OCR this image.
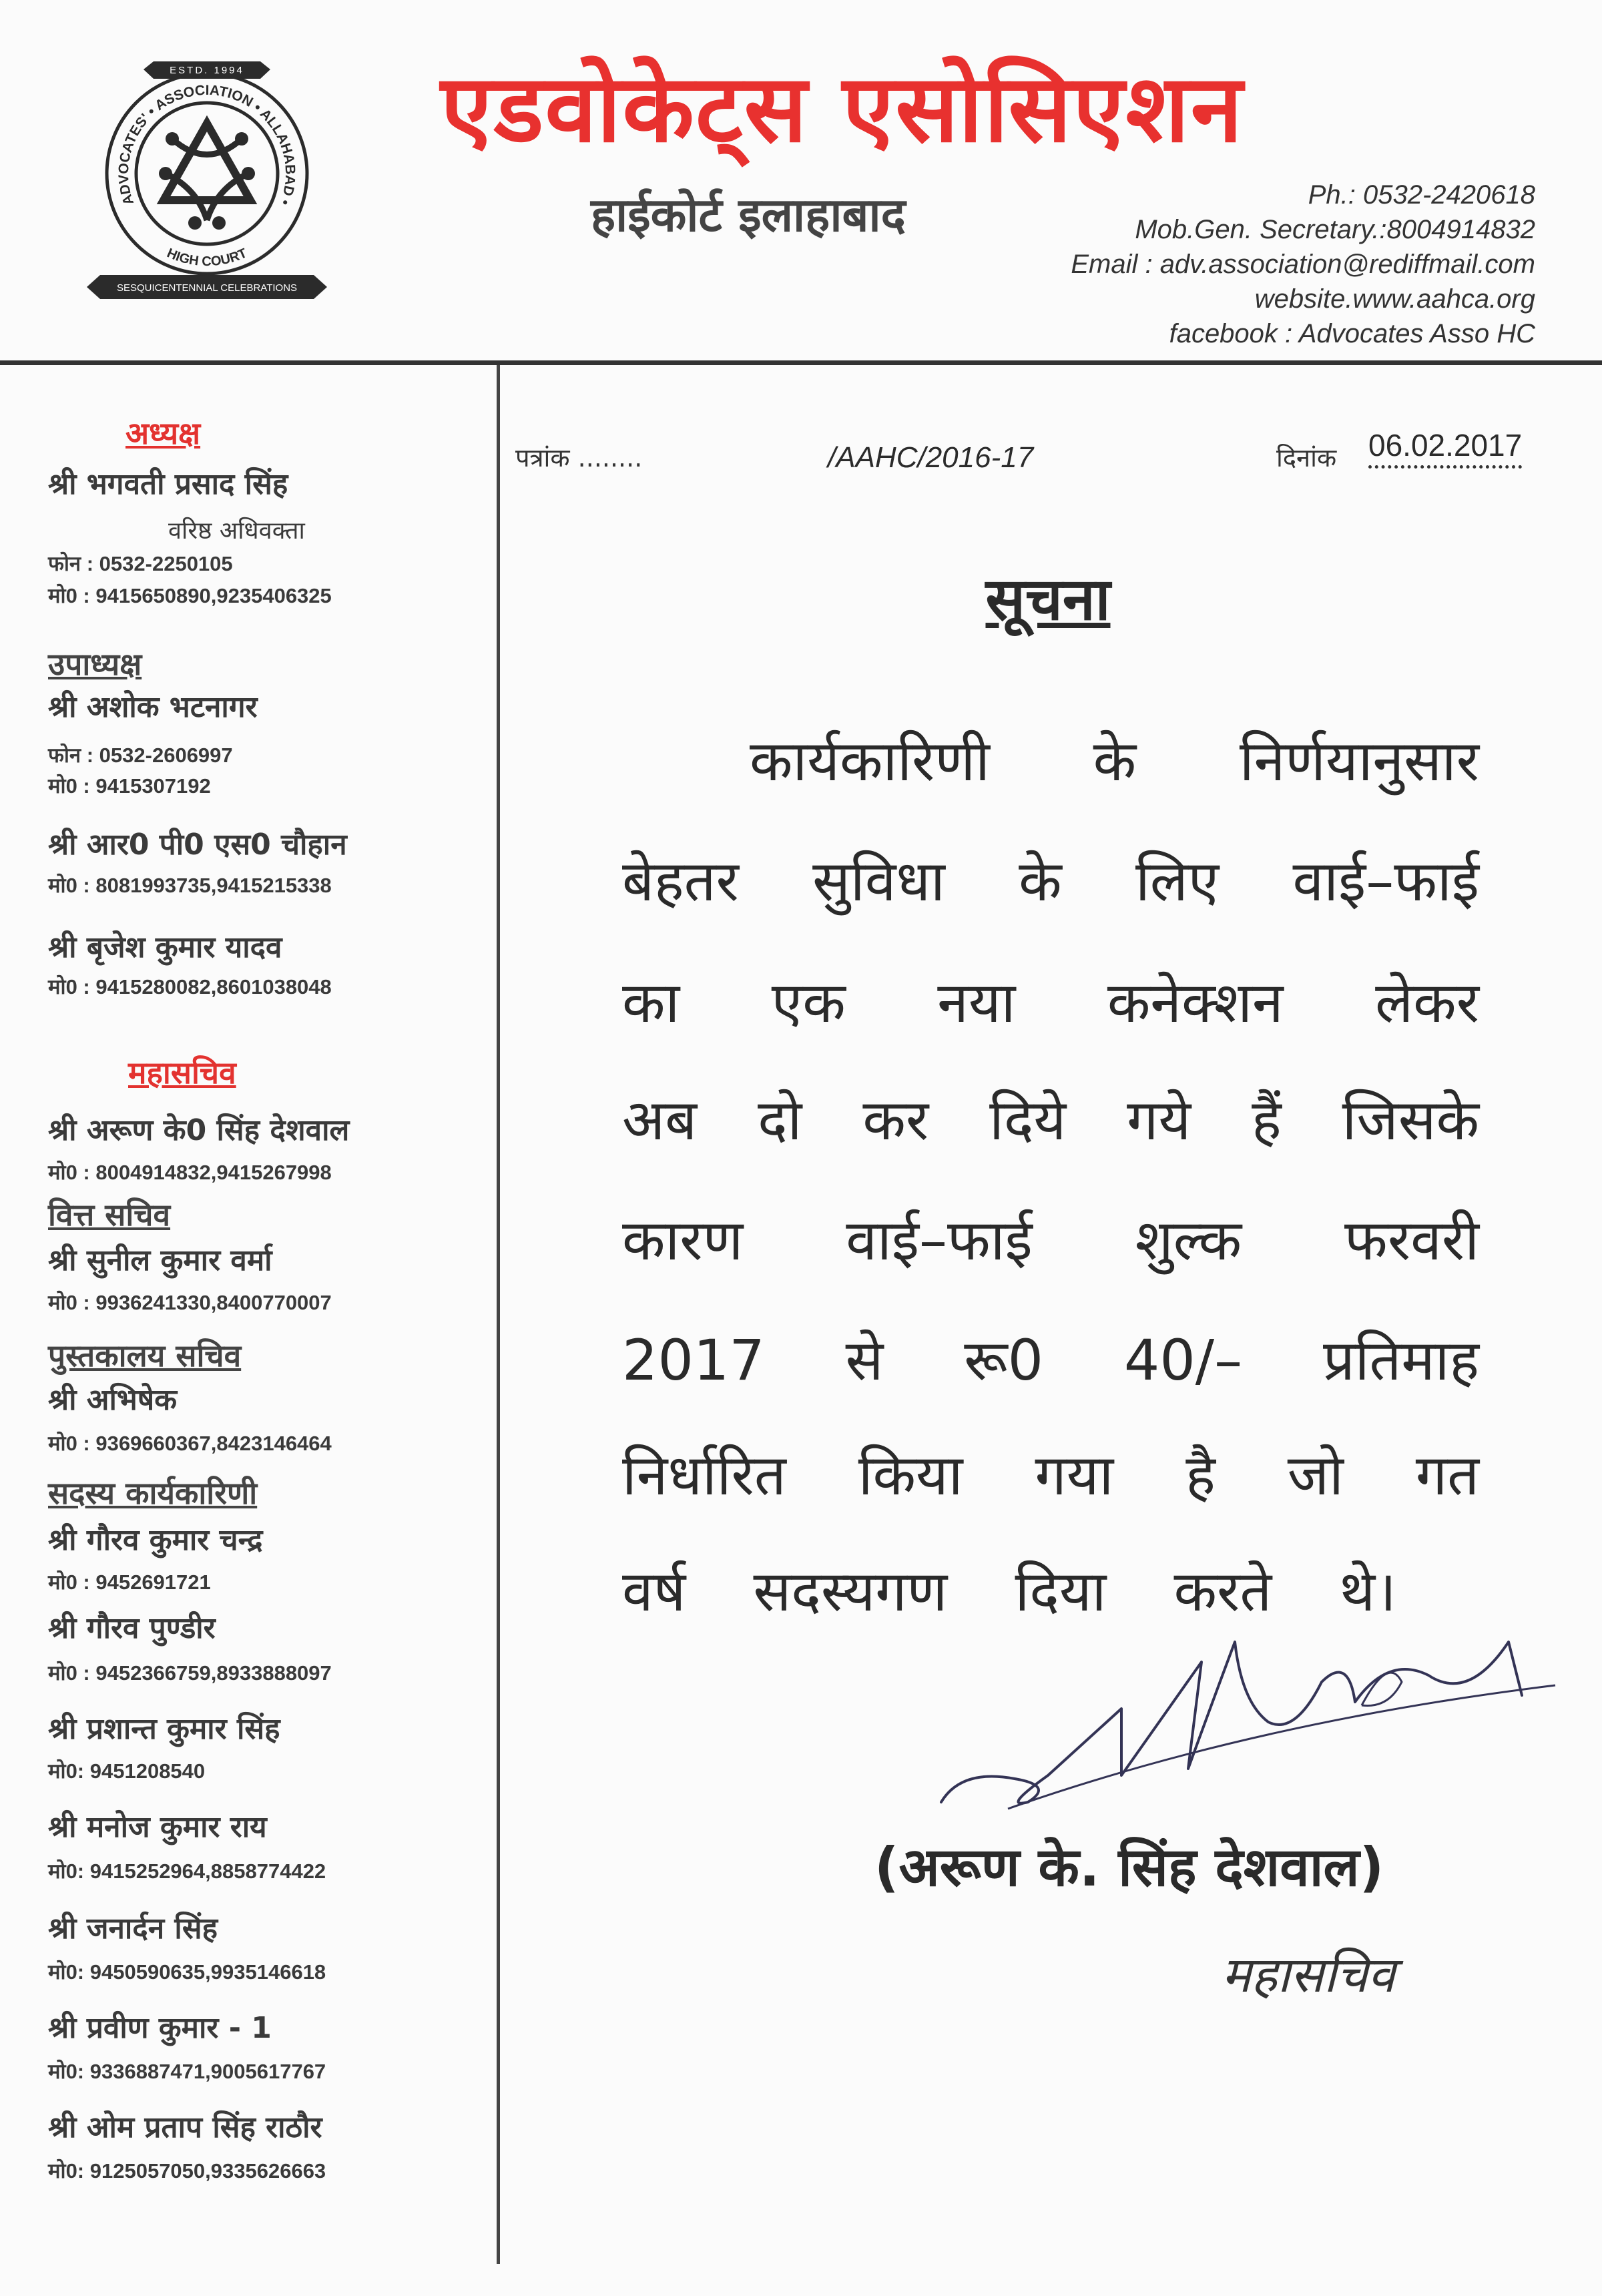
ESTD. 1994
ADVOCATES' • ASSOCIATION • ALLAHABAD •
HIGH COURT
SESQUICENTENNIAL CELEBRATIONS
एडवोकेट्स एसोसिएशन
हाईकोर्ट इलाहाबाद	Ph.: 0532-2420618
Mob.Gen. Secretary.:8004914832
Email : adv.association@rediffmail.com
website.www.aahca.org
facebook : Advocates Asso HC
अध्यक्ष
श्री भगवती प्रसाद सिंह
वरिष्ठ अधिवक्ता
फोन : 0532-2250105
मो0 : 9415650890,9235406325
उपाध्यक्ष
श्री अशोक भटनागर
फोन : 0532-2606997
मो0 : 9415307192
श्री आर0 पी0 एस0 चौहान
मो0 : 8081993735,9415215338
श्री बृजेश कुमार यादव
मो0 : 9415280082,8601038048
महासचिव
श्री अरूण के0 सिंह देशवाल
मो0 : 8004914832,9415267998
वित्त सचिव
श्री सुनील कुमार वर्मा
मो0 : 9936241330,8400770007
पुस्तकालय सचिव
श्री अभिषेक
मो0 : 9369660367,8423146464
सदस्य कार्यकारिणी
श्री गौरव कुमार चन्द्र
मो0 : 9452691721
श्री गौरव पुण्डीर
मो0 : 9452366759,8933888097
श्री प्रशान्त कुमार सिंह
मो0: 9451208540
श्री मनोज कुमार राय
मो0: 9415252964,8858774422
श्री जनार्दन सिंह
मो0: 9450590635,9935146618
श्री प्रवीण कुमार - 1
मो0: 9336887471,9005617767
श्री ओम प्रताप सिंह राठौर
मो0: 9125057050,9335626663
पत्रांक ........	/AAHC/2016-17	दिनांक 06.02.2017
सूचना
कार्यकारिणी के निर्णयानुसार
बेहतर सुविधा के लिए वाई–फाई
का एक नया कनेक्शन लेकर
अब दो कर दिये गये हैं जिसके
कारण वाई–फाई शुल्क फरवरी
2017 से रू0 40/– प्रतिमाह
निर्धारित किया गया है जो गत
वर्ष सदस्यगण दिया करते थे।
(अरूण के. सिंह देशवाल)
महासचिव
